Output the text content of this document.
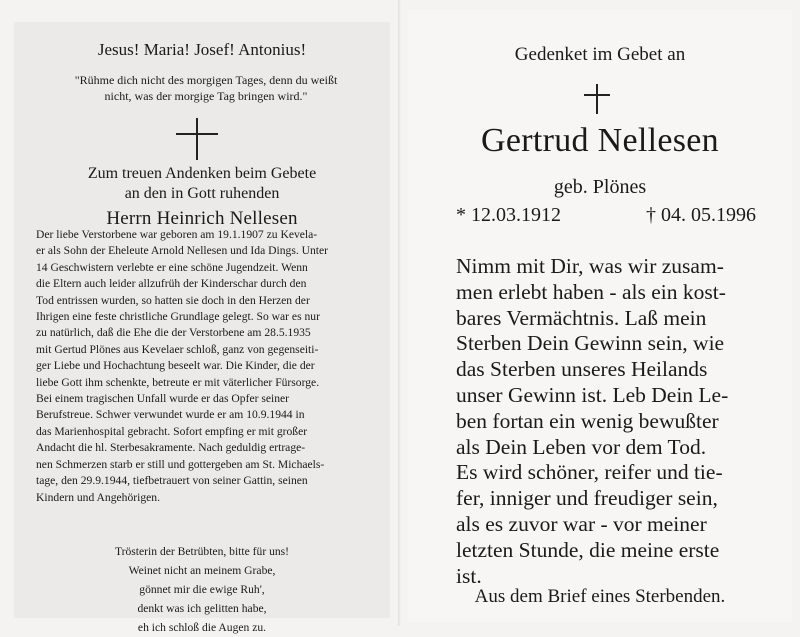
Jesus! Maria! Josef! Antonius!
"Rühme dich nicht des morgigen Tages, denn du weißt
nicht, was der morgige Tag bringen wird."
Zum treuen Andenken beim Gebete
an den in Gott ruhenden
Herrn Heinrich Nellesen

Der liebe Verstorbene war geboren am 19.1.1907 zu Kevela-

er als Sohn der Eheleute Arnold Nellesen und Ida Dings. Unter

14 Geschwistern verlebte er eine schöne Jugendzeit. Wenn

die Eltern auch leider allzufrüh der Kinderschar durch den

Tod entrissen wurden, so hatten sie doch in den Herzen der

Ihrigen eine feste christliche Grundlage gelegt. So war es nur

zu natürlich, daß die Ehe die der Verstorbene am 28.5.1935

mit Gertud Plönes aus Kevelaer schloß, ganz von gegenseiti-

ger Liebe und Hochachtung beseelt war. Die Kinder, die der

liebe Gott ihm schenkte, betreute er mit väterlicher Fürsorge.

Bei einem tragischen Unfall wurde er das Opfer seiner

Berufstreue. Schwer verwundet wurde er am 10.9.1944 in

das Marienhospital gebracht. Sofort empfing er mit großer

Andacht die hl. Sterbesakramente. Nach geduldig ertrage-

nen Schmerzen starb er still und gottergeben am St. Michaels-

tage, den 29.9.1944, tiefbetrauert von seiner Gattin, seinen

Kindern und Angehörigen.

Trösterin der Betrübten, bitte für uns!
Weinet nicht an meinem Grabe,
gönnet mir die ewige Ruh',
denkt was ich gelitten habe,
eh ich schloß die Augen zu.
Gedenket im Gebet an
Gertrud Nellesen
geb. Plönes
* 12.03.1912	† 04. 05.1996
Nimm mit Dir, was wir zusam-
men erlebt haben - als ein kost-
bares Vermächtnis. Laß mein
Sterben Dein Gewinn sein, wie
das Sterben unseres Heilands
unser Gewinn ist. Leb Dein Le-
ben fortan ein wenig bewußter
als Dein Leben vor dem Tod.
Es wird schöner, reifer und tie-
fer, inniger und freudiger sein,
als es zuvor war - vor meiner
letzten Stunde, die meine erste
ist.
Aus dem Brief eines Sterbenden.
